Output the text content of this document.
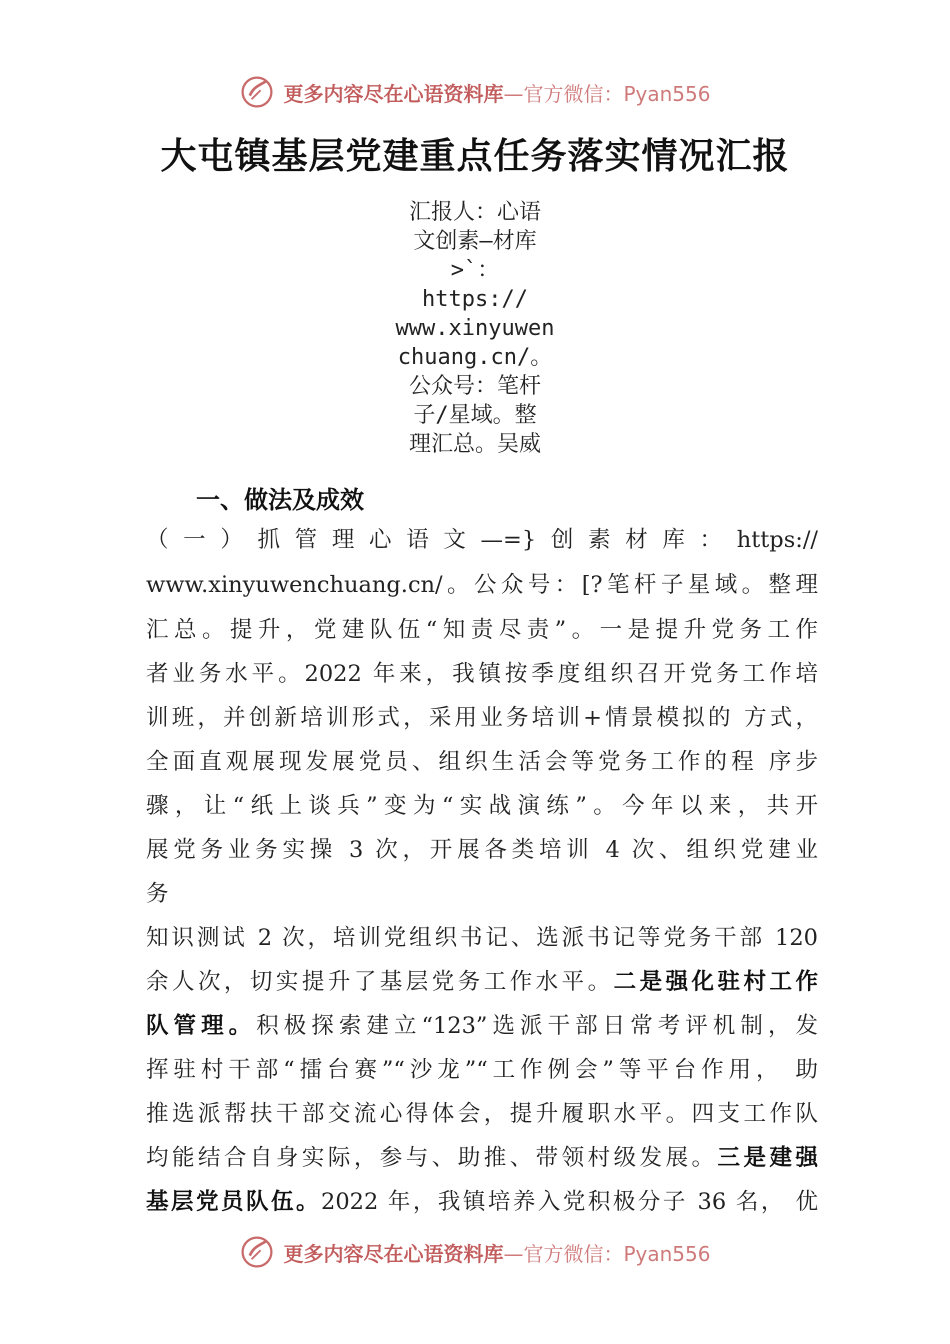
更多内容尽在心语资料库 —官方微信：Pyan556
大屯镇基层党建重点任务落实情况汇报
汇报人：心语
文创素—材库
>`：
https://
www.xinyuwen
chuang.cn/。
公众号：笔杆
子/星域。整
理汇总。吴威
一、做法及成效
（一）抓管理心语文—=}创素材库：https://
www.xinyuwenchuang.cn/。公众号：[?笔杆子星域。整理
汇总。提升，党建队伍“知责尽责”。一是提升党务工作
者业务水平。2022 年来，我镇按季度组织召开党务工作培
训班，并创新培训形式，采用业务培训+情景模拟的 方式，
全面直观展现发展党员、组织生活会等党务工作的程 序步
骤，让“纸上谈兵”变为“实战演练”。今年以来，共开
展党务业务实操 3 次，开展各类培训 4 次、组织党建业
务
知识测试 2 次，培训党组织书记、选派书记等党务干部 120
余人次，切实提升了基层党务工作水平。二是强化驻村工作
队管理。积极探索建立“123”选派干部日常考评机制，发
挥驻村干部“擂台赛”“沙龙”“工作例会”等平台作用， 助
推选派帮扶干部交流心得体会，提升履职水平。四支工作队
均能结合自身实际，参与、助推、带领村级发展。三是建强
基层党员队伍。2022 年，我镇培养入党积极分子 36 名， 优
更多内容尽在心语资料库 —官方微信：Pyan556
